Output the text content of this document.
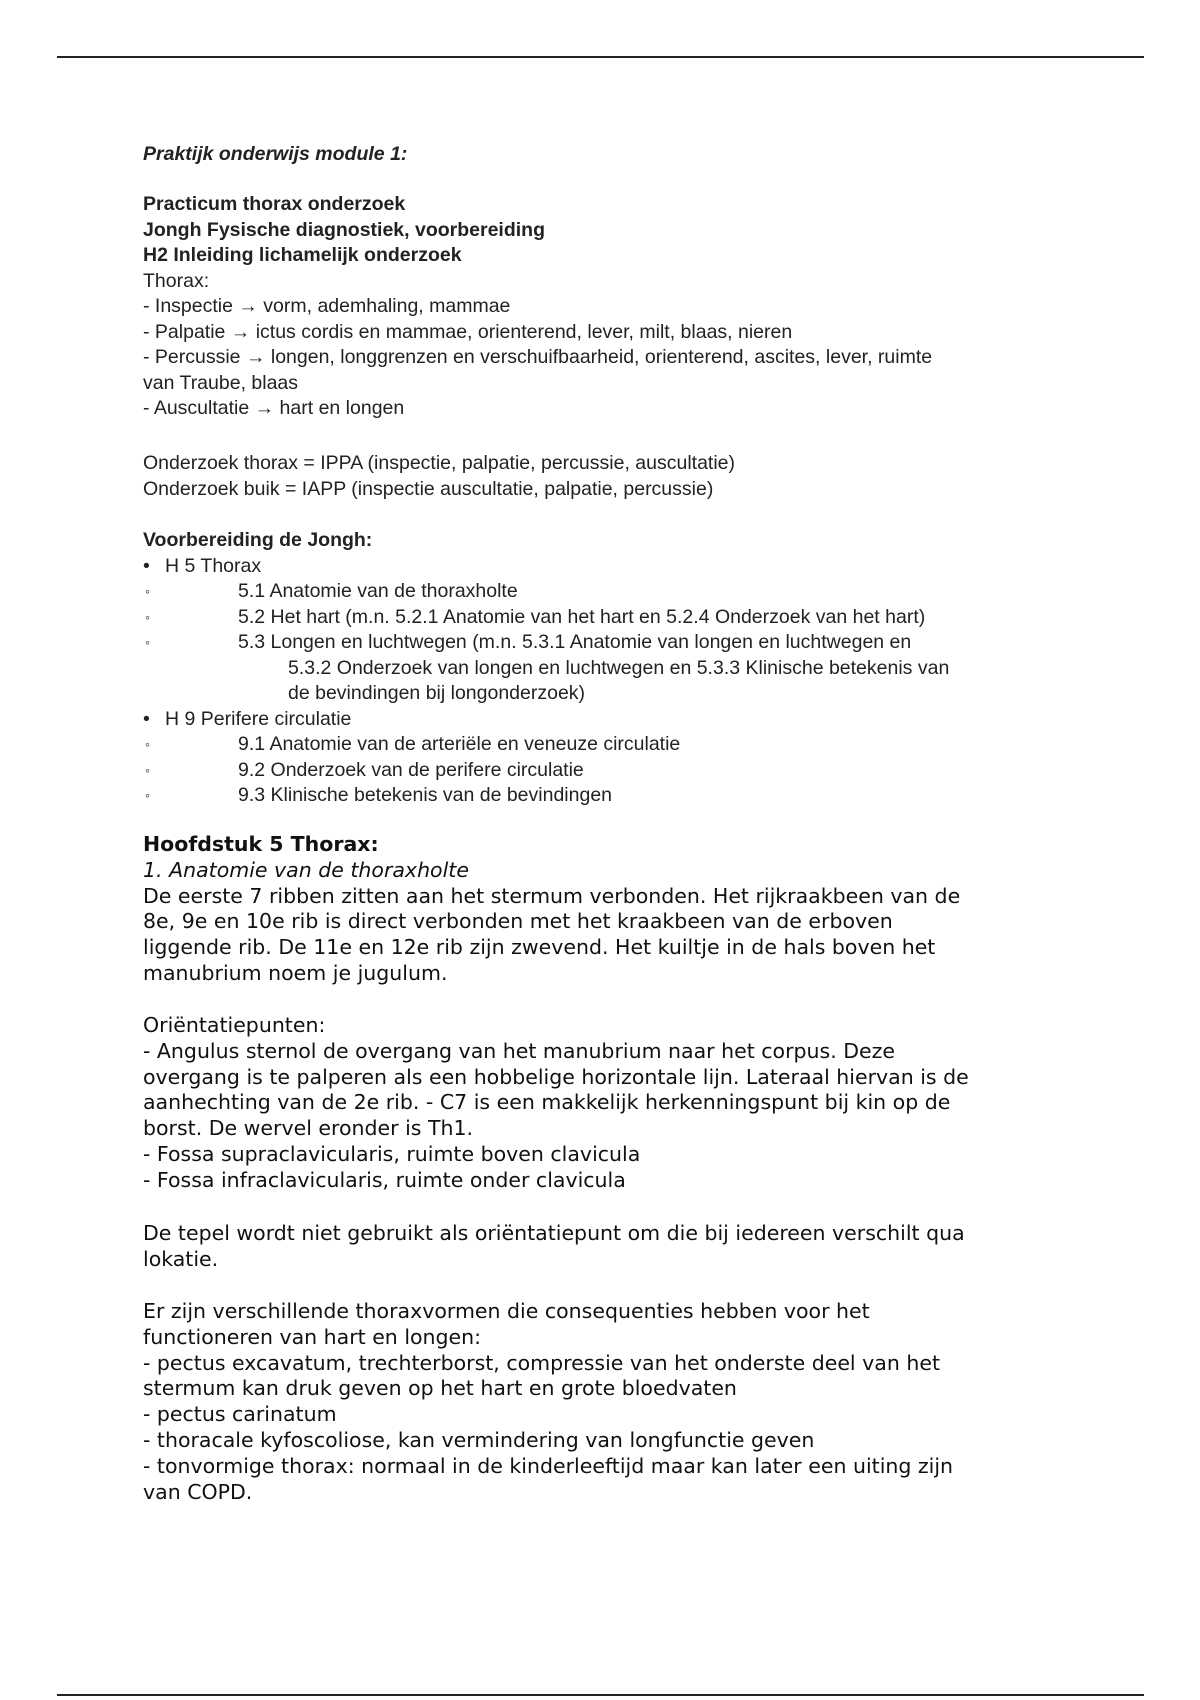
Praktijk onderwijs module 1:
Practicum thorax onderzoek
Jongh Fysische diagnostiek, voorbereiding
H2 Inleiding lichamelijk onderzoek
Thorax:
- Inspectie → vorm, ademhaling, mammae
- Palpatie → ictus cordis en mammae, orienterend, lever, milt, blaas, nieren
- Percussie → longen, longgrenzen en verschuifbaarheid, orienterend, ascites, lever, ruimte
van Traube, blaas
- Auscultatie → hart en longen
Onderzoek thorax = IPPA (inspectie, palpatie, percussie, auscultatie)
Onderzoek buik = IAPP (inspectie auscultatie, palpatie, percussie)
Voorbereiding de Jongh:
• H 5 Thorax
◦	5.1 Anatomie van de thoraxholte
◦	5.2 Het hart (m.n. 5.2.1 Anatomie van het hart en 5.2.4 Onderzoek van het hart)
◦	5.3 Longen en luchtwegen (m.n. 5.3.1 Anatomie van longen en luchtwegen en
5.3.2 Onderzoek van longen en luchtwegen en 5.3.3 Klinische betekenis van
de bevindingen bij longonderzoek)
• H 9 Perifere circulatie
◦	9.1 Anatomie van de arteriële en veneuze circulatie
◦	9.2 Onderzoek van de perifere circulatie
◦	9.3 Klinische betekenis van de bevindingen
Hoofdstuk 5 Thorax:
1. Anatomie van de thoraxholte
De eerste 7 ribben zitten aan het stermum verbonden. Het rijkraakbeen van de
8e, 9e en 10e rib is direct verbonden met het kraakbeen van de erboven
liggende rib. De 11e en 12e rib zijn zwevend. Het kuiltje in de hals boven het
manubrium noem je jugulum.
Oriëntatiepunten:
- Angulus sternol de overgang van het manubrium naar het corpus. Deze
overgang is te palperen als een hobbelige horizontale lijn. Lateraal hiervan is de
aanhechting van de 2e rib. - C7 is een makkelijk herkenningspunt bij kin op de
borst. De wervel eronder is Th1.
- Fossa supraclavicularis, ruimte boven clavicula
- Fossa infraclavicularis, ruimte onder clavicula
De tepel wordt niet gebruikt als oriëntatiepunt om die bij iedereen verschilt qua
lokatie.
Er zijn verschillende thoraxvormen die consequenties hebben voor het
functioneren van hart en longen:
- pectus excavatum, trechterborst, compressie van het onderste deel van het
stermum kan druk geven op het hart en grote bloedvaten
- pectus carinatum
- thoracale kyfoscoliose, kan vermindering van longfunctie geven
- tonvormige thorax: normaal in de kinderleeftijd maar kan later een uiting zijn
van COPD.
